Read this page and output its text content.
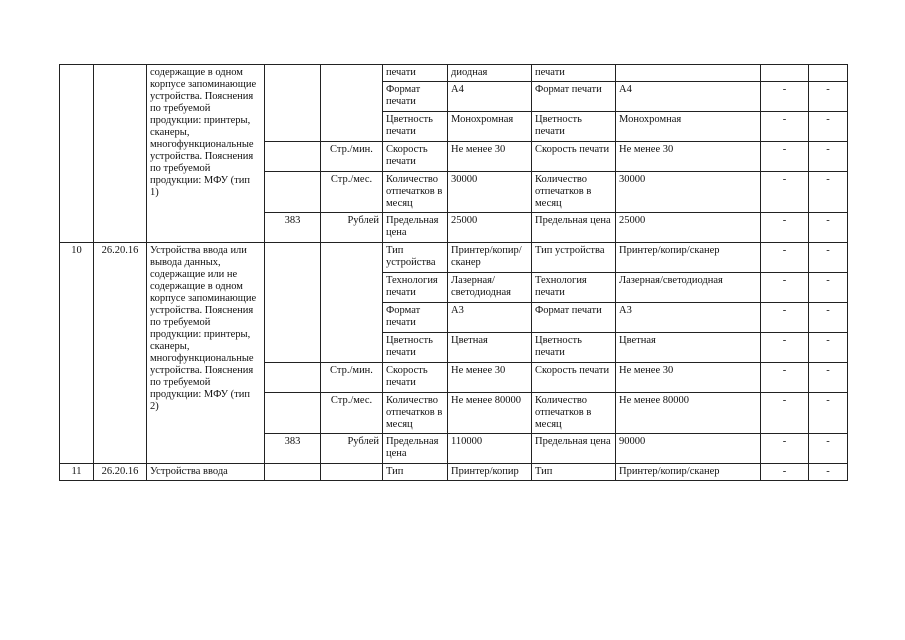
		содержащие в одном корпусе запоминающие устройства. Пояснения по требуемой продукции: принтеры, сканеры, многофункциональные устройства. Пояснения по требуемой продукции: МФУ (тип 1)			печати	диодная	печати			
					Формат печати	А4	Формат печати	А4	-	-
					Цветность печати	Монохромная	Цветность печати	Монохромная	-	-
				Стр./мин.	Скорость печати	Не менее 30	Скорость печати	Не менее 30	-	-
				Стр./мес.	Количество отпечатков в месяц	30000	Количество отпечатков в месяц	30000	-	-
			383	Рублей	Предельная цена	25000	Предельная цена	25000	-	-
10	26.20.16	Устройства ввода или вывода данных, содержащие или не содержащие в одном корпусе запоминающие устройства. Пояснения по требуемой продукции: принтеры, сканеры, многофункциональные устройства. Пояснения по требуемой продукции: МФУ (тип 2)			Тип устройства	Принтер/копир/сканер	Тип устройства	Принтер/копир/сканер	-	-
					Технология печати	Лазерная/светодиодная	Технология печати	Лазерная/светодиодная	-	-
					Формат печати	А3	Формат печати	А3	-	-
					Цветность печати	Цветная	Цветность печати	Цветная	-	-
				Стр./мин.	Скорость печати	Не менее 30	Скорость печати	Не менее 30	-	-
				Стр./мес.	Количество отпечатков в месяц	Не менее 80000	Количество отпечатков в месяц	Не менее 80000	-	-
			383	Рублей	Предельная цена	110000	Предельная цена	90000	-	-
11	26.20.16	Устройства ввода			Тип	Принтер/копир	Тип	Принтер/копир/сканер	-	-
